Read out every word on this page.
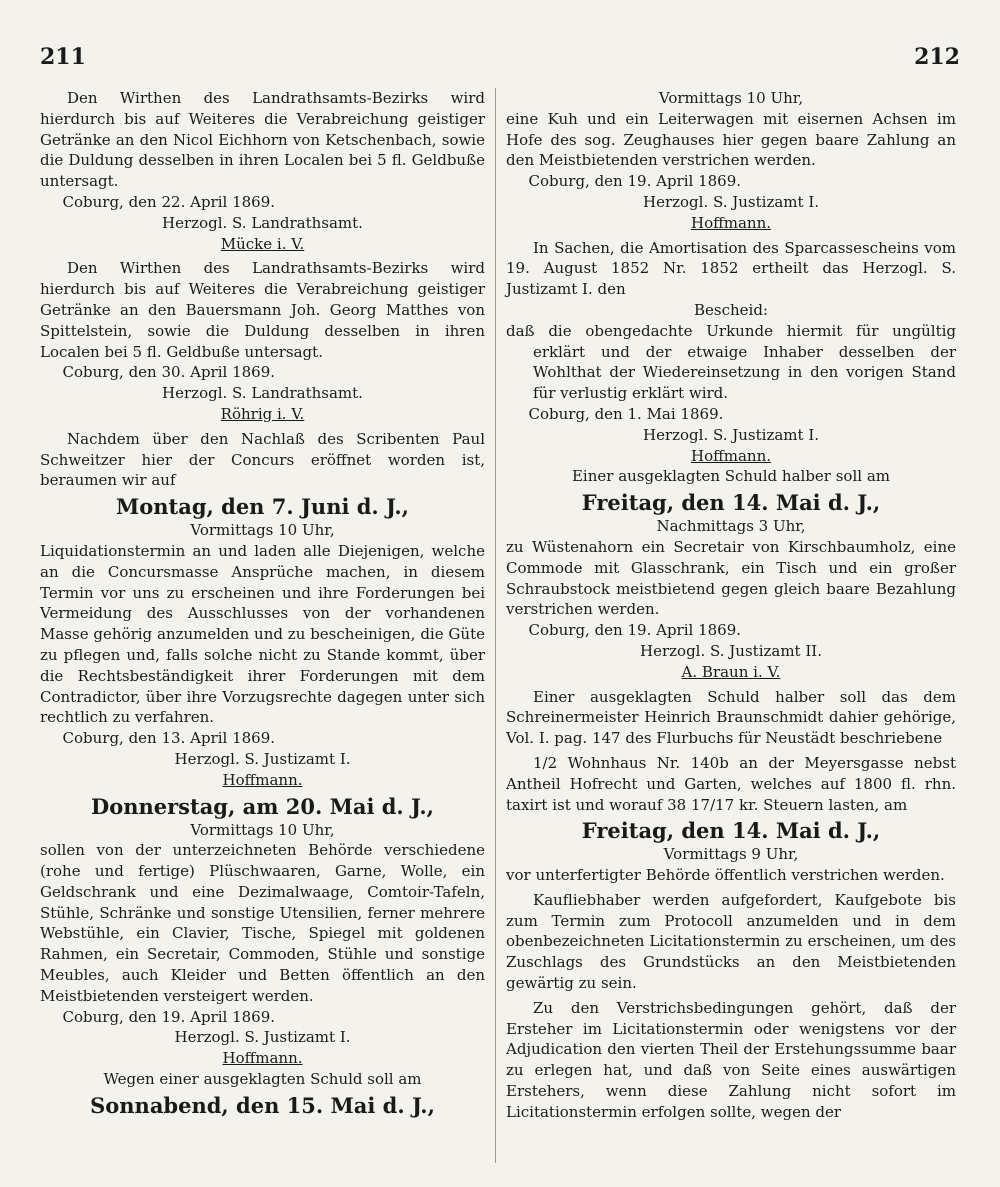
211	212

Den Wirthen des Landrathsamts-Bezirks wird hierdurch bis auf Weiteres die Verabreichung geistiger Getränke an den Nicol Eichhorn von Ketschenbach, sowie die Duldung desselben in ihren Localen bei 5 fl. Geldbuße untersagt.

Coburg, den 22. April 1869.

Herzogl. S. Landrathsamt.

Mücke i. V.

Den Wirthen des Landrathsamts-Bezirks wird hierdurch bis auf Weiteres die Verabreichung geistiger Getränke an den Bauersmann Joh. Georg Matthes von Spittelstein, sowie die Duldung desselben in ihren Localen bei 5 fl. Geldbuße untersagt.

Coburg, den 30. April 1869.

Herzogl. S. Landrathsamt.

Röhrig i. V.

Nachdem über den Nachlaß des Scribenten Paul Schweitzer hier der Concurs eröffnet worden ist, beraumen wir auf

Montag, den 7. Juni d. J.,

Vormittags 10 Uhr,

Liquidationstermin an und laden alle Diejenigen, welche an die Concursmasse Ansprüche machen, in diesem Termin vor uns zu erscheinen und ihre Forderungen bei Vermeidung des Ausschlusses von der vorhandenen Masse gehörig anzumelden und zu bescheinigen, die Güte zu pflegen und, falls solche nicht zu Stande kommt, über die Rechtsbeständigkeit ihrer Forderungen mit dem Contradictor, über ihre Vorzugsrechte dagegen unter sich rechtlich zu verfahren.

Coburg, den 13. April 1869.

Herzogl. S. Justizamt I.

Hoffmann.

Donnerstag, am 20. Mai d. J.,

Vormittags 10 Uhr,

sollen von der unterzeichneten Behörde verschiedene (rohe und fertige) Plüschwaaren, Garne, Wolle, ein Geldschrank und eine Dezimalwaage, Comtoir-Tafeln, Stühle, Schränke und sonstige Utensilien, ferner mehrere Webstühle, ein Clavier, Tische, Spiegel mit goldenen Rahmen, ein Secretair, Commoden, Stühle und sonstige Meubles, auch Kleider und Betten öffentlich an den Meistbietenden versteigert werden.

Coburg, den 19. April 1869.

Herzogl. S. Justizamt I.

Hoffmann.

Wegen einer ausgeklagten Schuld soll am

Sonnabend, den 15. Mai d. J.,

Vormittags 10 Uhr,

eine Kuh und ein Leiterwagen mit eisernen Achsen im Hofe des sog. Zeughauses hier gegen baare Zahlung an den Meistbietenden verstrichen werden.

Coburg, den 19. April 1869.

Herzogl. S. Justizamt I.

Hoffmann.

In Sachen, die Amortisation des Sparcassescheins vom 19. August 1852 Nr. 1852 ertheilt das Herzogl. S. Justizamt I. den

Bescheid:

daß die obengedachte Urkunde hiermit für ungültig erklärt und der etwaige Inhaber desselben der Wohlthat der Wiedereinsetzung in den vorigen Stand für verlustig erklärt wird.

Coburg, den 1. Mai 1869.

Herzogl. S. Justizamt I.

Hoffmann.

Einer ausgeklagten Schuld halber soll am

Freitag, den 14. Mai d. J.,

Nachmittags 3 Uhr,

zu Wüstenahorn ein Secretair von Kirschbaumholz, eine Commode mit Glasschrank, ein Tisch und ein großer Schraubstock meistbietend gegen gleich baare Bezahlung verstrichen werden.

Coburg, den 19. April 1869.

Herzogl. S. Justizamt II.

A. Braun i. V.

Einer ausgeklagten Schuld halber soll das dem Schreinermeister Heinrich Braunschmidt dahier gehörige, Vol. I. pag. 147 des Flurbuchs für Neustädt beschriebene

1/2 Wohnhaus Nr. 140b an der Meyersgasse nebst Antheil Hofrecht und Garten, welches auf 1800 fl. rhn. taxirt ist und worauf 38 17/17 kr. Steuern lasten, am

Freitag, den 14. Mai d. J.,

Vormittags 9 Uhr,

vor unterfertigter Behörde öffentlich verstrichen werden.

Kaufliebhaber werden aufgefordert, Kaufgebote bis zum Termin zum Protocoll anzumelden und in dem obenbezeichneten Licitationstermin zu erscheinen, um des Zuschlags des Grundstücks an den Meistbietenden gewärtig zu sein.

Zu den Verstrichsbedingungen gehört, daß der Ersteher im Licitationstermin oder wenigstens vor der Adjudication den vierten Theil der Erstehungssumme baar zu erlegen hat, und daß von Seite eines auswärtigen Erstehers, wenn diese Zahlung nicht sofort im Licitationstermin erfolgen sollte, wegen der
